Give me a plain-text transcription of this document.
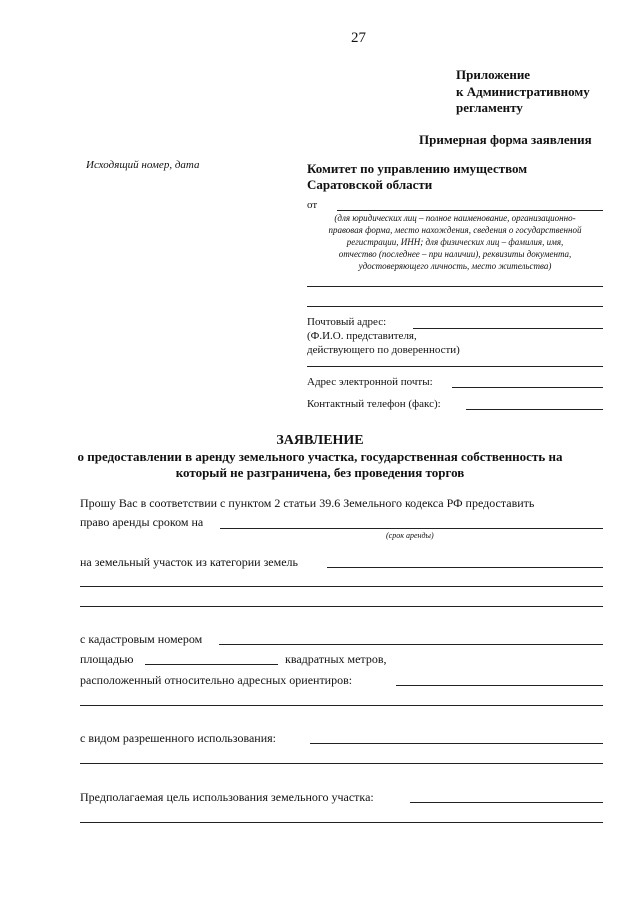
27
Приложение
к Административному
регламенту
Примерная форма заявления
Исходящий номер, дата	Комитет по управлению имуществом
Саратовской области
от
(для юридических лиц – полное наименование, организационно-
правовая форма, место нахождения, сведения о государственной
регистрации, ИНН; для физических лиц – фамилия, имя,
отчество (последнее – при наличии), реквизиты документа,
удостоверяющего личность, место жительства)
Почтовый адрес:
(Ф.И.О. представителя,
действующего по доверенности)
Адрес электронной почты:
Контактный телефон (факс):
ЗАЯВЛЕНИЕ
о предоставлении в аренду земельного участка, государственная собственность на
который не разграничена, без проведения торгов
Прошу Вас в соответствии с пунктом 2 статьи 39.6 Земельного кодекса РФ предоставить
право аренды сроком на
(срок аренды)
на земельный участок из категории земель
с кадастровым номером
площадью	квадратных метров,
расположенный относительно адресных ориентиров:
с видом разрешенного использования:
Предполагаемая цель использования земельного участка:
